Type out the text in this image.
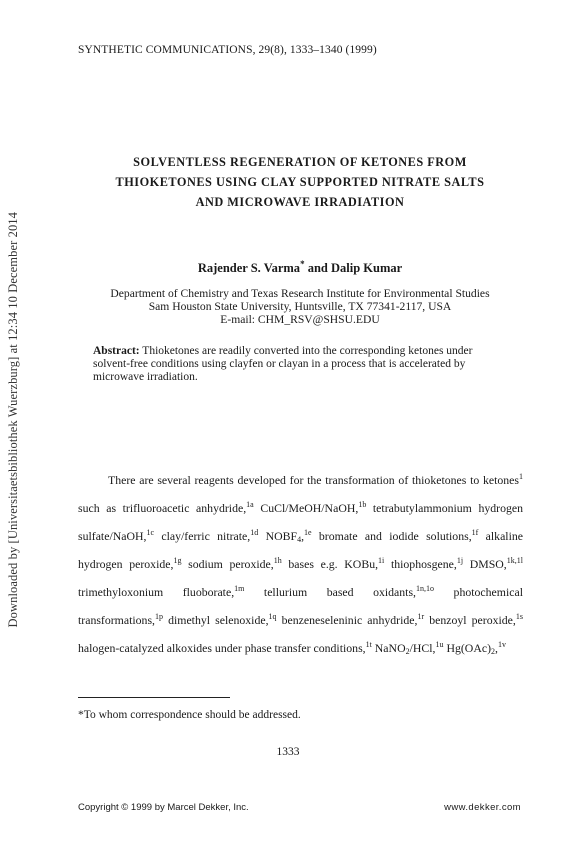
Downloaded by [Universitaetsbibliothek Wuerzburg] at 12:34 10 December 2014
SYNTHETIC COMMUNICATIONS, 29(8), 1333–1340 (1999)
SOLVENTLESS REGENERATION OF KETONES FROM
THIOKETONES USING CLAY SUPPORTED NITRATE SALTS
AND MICROWAVE IRRADIATION
Rajender S. Varma* and Dalip Kumar
Department of Chemistry and Texas Research Institute for Environmental Studies
Sam Houston State University, Huntsville, TX 77341-2117, USA
E-mail: CHM_RSV@SHSU.EDU
Abstract: Thioketones are readily converted into the corresponding ketones under solvent-free conditions using clayfen or clayan in a process that is accelerated by microwave irradiation.

There are several reagents developed for the transformation of thioketones to ketones$^1$ such as trifluoroacetic anhydride,$^{1a}$ CuCl/MeOH/NaOH,$^{1b}$ tetrabutylammonium hydrogen sulfate/NaOH,$^{1c}$ clay/ferric nitrate,$^{1d}$ $NOBF_4,^{1e}$ bromate and iodide solutions,$^{1f}$ alkaline hydrogen peroxide,$^{1g}$ sodium peroxide,$^{1h}$ bases e.g. KOBu,$^{1i}$ thiophosgene,$^{1j}$ DMSO,$^{1k,1l}$ trimethyloxonium fluoborate,$^{1m}$ tellurium based oxidants,$^{1n,1o}$ photochemical transformations,$^{1p}$ dimethyl selenoxide,$^{1q}$ benzeneseleninic anhydride,$^{1r}$ benzoyl peroxide,$^{1s}$ halogen-catalyzed alkoxides under phase transfer conditions,$^{1t}$ NaNO$_2$/HCl,$^{1u}$ $Hg(OAc)_2,^{1v}$

*To whom correspondence should be addressed.
1333
Copyright © 1999 by Marcel Dekker, Inc.	www.dekker.com
